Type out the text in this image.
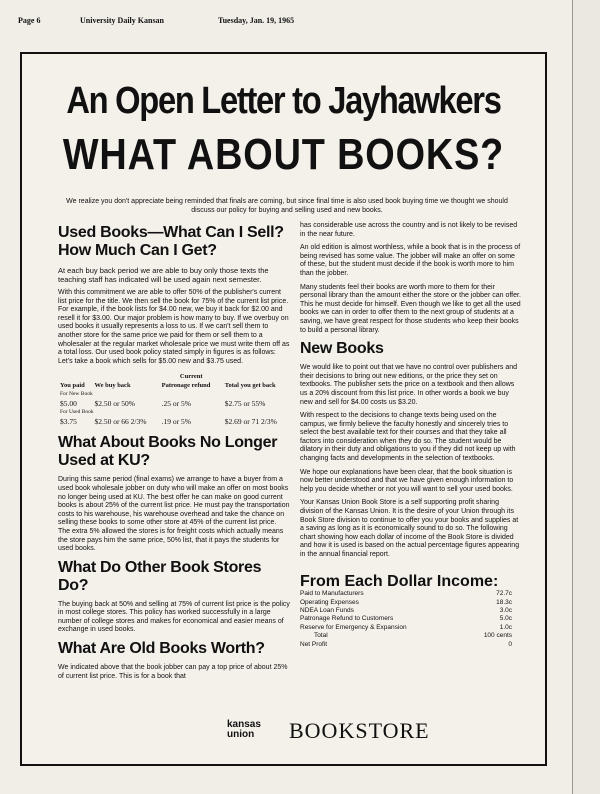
Page 6	University Daily Kansan	Tuesday, Jan. 19, 1965
An Open Letter to Jayhawkers
WHAT ABOUT BOOKS?
We realize you don't appreciate being reminded that finals are coming, but since final time is also used book buying time we thought we should discuss our policy for buying and selling used and new books.
Used Books—What Can I Sell? How Much Can I Get?

At each buy back period we are able to buy only those texts the teaching staff has indicated will be used again next semester.

With this commitment we are able to offer 50% of the publisher's current list price for the title. We then sell the book for 75% of the current list price. For example, if the book lists for $4.00 new, we buy it back for $2.00 and resell it for $3.00. Our major problem is how many to buy. If we overbuy on used books it usually represents a loss to us. If we can't sell them to another store for the same price we paid for them or sell them to a wholesaler at the regular market wholesale price we must write them off as a total loss. Our used book policy stated simply in figures is as follows: Let's take a book which sells for $5.00 new and $3.75 used.

		Current	
You paid	We buy back	Patronage refund	Total you get back
For New Book			
$5.00	$2.50 or 50%	.25 or 5%	$2.75 or 55%
For Used Book			
$3.75	$2.50 or 66 2/3%	.19 or 5%	$2.69 or 71 2/3%
What About Books No Longer Used at KU?

During this same period (final exams) we arrange to have a buyer from a used book wholesale jobber on duty who will make an offer on most books no longer being used at KU. The best offer he can make on good current books is about 25% of the current list price. He must pay the transportation costs to his warehouse, his warehouse overhead and take the chance on selling these books to some other store at 45% of the current list price. The extra 5% allowed the stores is for freight costs which actually means the store pays him the same price, 50% list, that it pays the students for used books.

What Do Other Book Stores Do?

The buying back at 50% and selling at 75% of current list price is the policy in most college stores. This policy has worked successfully in a large number of college stores and makes for economical and easier means of exchange in used books.

What Are Old Books Worth?

We indicated above that the book jobber can pay a top price of about 25% of current list price. This is for a book that

has considerable use across the country and is not likely to be revised in the near future.

An old edition is almost worthless, while a book that is in the process of being revised has some value. The jobber will make an offer on some of these, but the student must decide if the book is worth more to him than the jobber.

Many students feel their books are worth more to them for their personal library than the amount either the store or the jobber can offer. This he must decide for himself. Even though we like to get all the used books we can in order to offer them to the next group of students at a saving, we have great respect for those students who keep their books to build a personal library.

New Books

We would like to point out that we have no control over publishers and their decisions to bring out new editions, or the price they set on textbooks. The publisher sets the price on a textbook and then allows us a 20% discount from this list price. In other words a book we buy new and sell for $4.00 costs us $3.20.

With respect to the decisions to change texts being used on the campus, we firmly believe the faculty honestly and sincerely tries to select the best available text for their courses and that they take all factors into consideration when they do so. The student would be dilatory in their duty and obligations to you if they did not keep up with changing facts and developments in the selection of textbooks.

We hope our explanations have been clear, that the book situation is now better understood and that we have given enough information to help you decide whether or not you will want to sell your used books.

Your Kansas Union Book Store is a self supporting profit sharing division of the Kansas Union. It is the desire of your Union through its Book Store division to continue to offer you your books and supplies at a saving as long as it is economically sound to do so. The following chart showing how each dollar of income of the Book Store is divided and how it is used is based on the actual percentage figures appearing in the annual financial report.

From Each Dollar Income:
Paid to Manufacturers	72.7c
Operating Expenses	18.3c
NDEA Loan Funds	3.0c
Patronage Refund to Customers	5.0c
Reserve for Emergency & Expansion	1.0c
Total	100 cents
Net Profit	0
kansas
union BOOKSTORE
